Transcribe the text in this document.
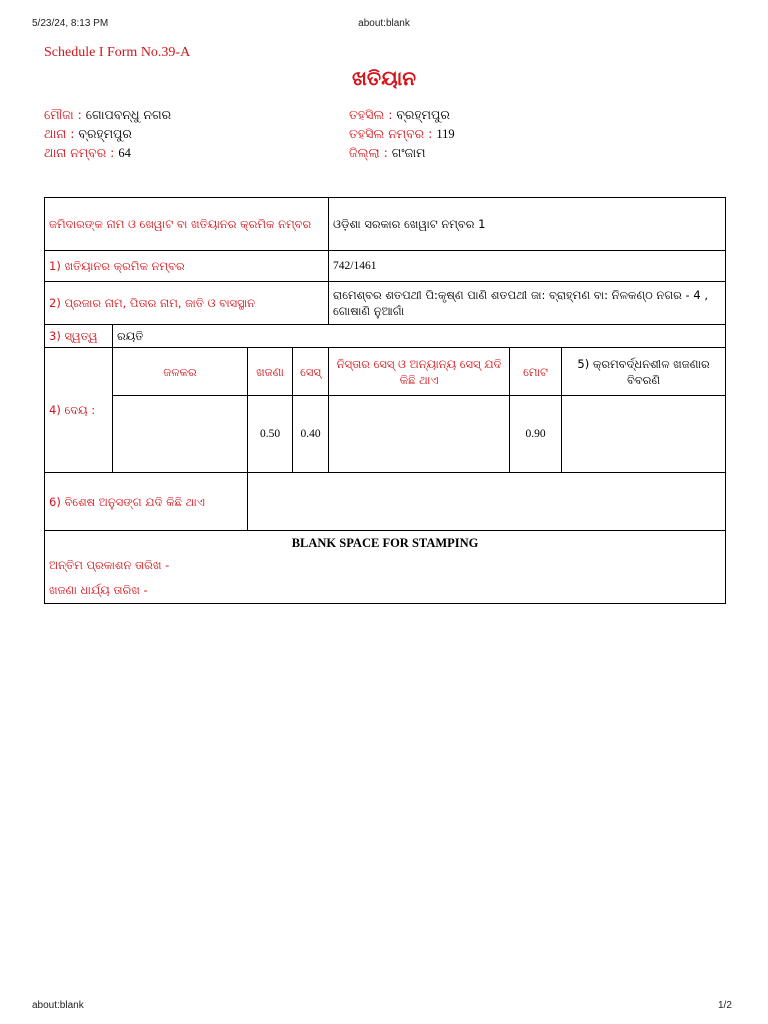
5/23/24, 8:13 PM	about:blank
Schedule I Form No.39-A
ଖତିୟାନ
ମୌଜା : ଗୋପବନ୍ଧୁ ନଗର
ଥାନା : ବ୍ରହ୍ମପୁର
ଥାନା ନମ୍ବର : 64
ତହସିଲ : ବ୍ରହ୍ମପୁର
ତହସିଲ ନମ୍ବର : 119
ଜିଲ୍ଲା : ଗଂଜାମ
ଜମିଦାରଙ୍କ ନାମ ଓ ଖେୱାଟ ବା ଖତିୟାନର କ୍ରମିକ ନମ୍ବର				ଓଡ଼ିଶା ସରକାର ଖେୱାଟ ନମ୍ବର 1		
1) ଖତିୟାନର କ୍ରମିକ ନମ୍ବର				742/1461		
2) ପ୍ରଜାର ନାମ, ପିତାର ନାମ, ଜାତି ଓ ବାସସ୍ଥାନ				ରାମେଶ୍ବର ଶତପଥୀ ପି:କୃଷ୍ଣ ପାଣି ଶତପଥୀ ଜା: ବ୍ରାହ୍ମଣ ବା: ନିଳକଣ୍ଠ ନଗର - 4 , ଗୋଷାଣି ନୁଆଗାଁ		
3) ସ୍ୱତ୍ୱ	ରୟତି					
4) ଦେୟ :	ଜଳକର	ଖଜଣା	ସେସ୍	ନିସ୍ତାର ସେସ୍ ଓ ଅନ୍ୟାନ୍ୟ ସେସ୍ ଯଦି କିଛି ଥାଏ	ମୋଟ	5) କ୍ରମବର୍ଦ୍ଧନଶୀଳ ଖଜଣାର ବିବରଣି
		0.50	0.40		0.90	
6) ବିଶେଷ ଅନୁସଙ୍ଗ ଯଦି କିଛି ଥାଏ						

BLANK SPACE FOR STAMPING
ଅନ୍ତିମ ପ୍ରକାଶନ ତାରିଖ -
ଖଜଣା ଧାର୍ଯ୍ୟ ତାରିଖ -						
about:blank	1/2
